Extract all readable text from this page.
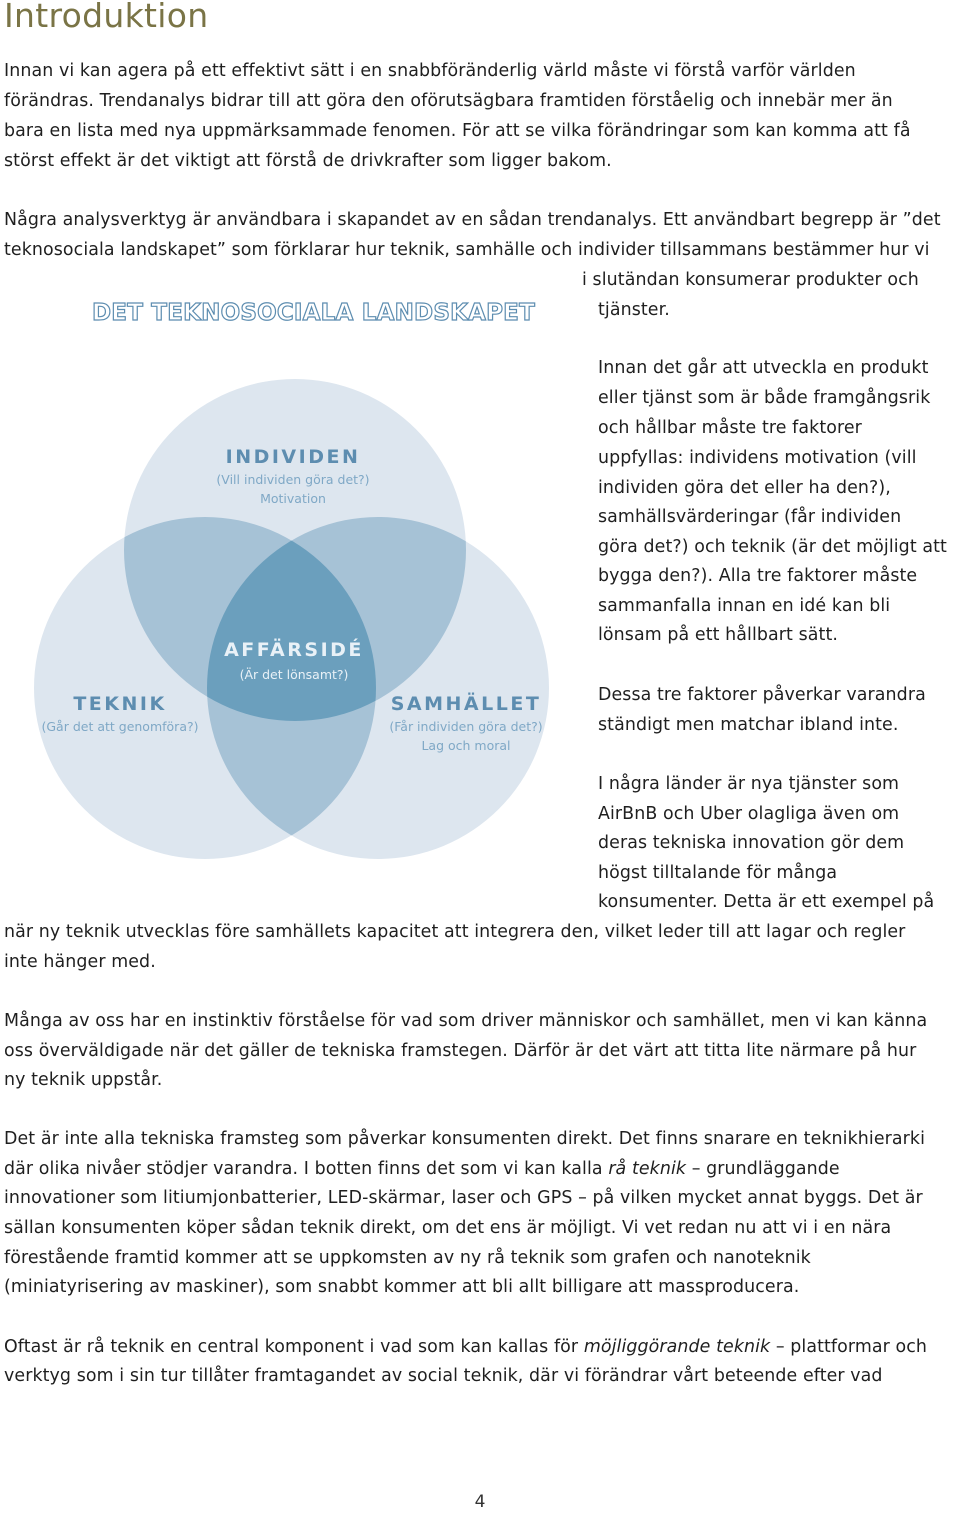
Introduktion
Innan vi kan agera på ett effektivt sätt i en snabbföränderlig värld måste vi förstå varför världen
förändras. Trendanalys bidrar till att göra den oförutsägbara framtiden förståelig och innebär mer än
bara en lista med nya uppmärksammade fenomen. För att se vilka förändringar som kan komma att få
störst effekt är det viktigt att förstå de drivkrafter som ligger bakom.
Några analysverktyg är användbara i skapandet av en sådan trendanalys. Ett användbart begrepp är ”det
teknosociala landskapet” som förklarar hur teknik, samhälle och individer tillsammans bestämmer hur vi
i slutändan konsumerar produkter och
tjänster.
DET TEKNOSOCIALA LANDSKAPET
INDIVIDEN
(Vill individen göra det?)
Motivation
AFFÄRSIDÉ
(Är det lönsamt?)
TEKNIK
(Går det att genomföra?)
SAMHÄLLET
(Får individen göra det?)
Lag och moral
Innan det går att utveckla en produkt
eller tjänst som är både framgångsrik
och hållbar måste tre faktorer
uppfyllas: individens motivation (vill
individen göra det eller ha den?),
samhällsvärderingar (får individen
göra det?) och teknik (är det möjligt att
bygga den?). Alla tre faktorer måste
sammanfalla innan en idé kan bli
lönsam på ett hållbart sätt.
Dessa tre faktorer påverkar varandra
ständigt men matchar ibland inte.
I några länder är nya tjänster som
AirBnB och Uber olagliga även om
deras tekniska innovation gör dem
högst tilltalande för många
konsumenter. Detta är ett exempel på
när ny teknik utvecklas före samhällets kapacitet att integrera den, vilket leder till att lagar och regler
inte hänger med.
Många av oss har en instinktiv förståelse för vad som driver människor och samhället, men vi kan känna
oss överväldigade när det gäller de tekniska framstegen. Därför är det värt att titta lite närmare på hur
ny teknik uppstår.
Det är inte alla tekniska framsteg som påverkar konsumenten direkt. Det finns snarare en teknikhierarki
där olika nivåer stödjer varandra. I botten finns det som vi kan kalla rå teknik – grundläggande
innovationer som litiumjonbatterier, LED-skärmar, laser och GPS – på vilken mycket annat byggs. Det är
sällan konsumenten köper sådan teknik direkt, om det ens är möjligt. Vi vet redan nu att vi i en nära
förestående framtid kommer att se uppkomsten av ny rå teknik som grafen och nanoteknik
(miniatyrisering av maskiner), som snabbt kommer att bli allt billigare att massproducera.
Oftast är rå teknik en central komponent i vad som kan kallas för möjliggörande teknik – plattformar och
verktyg som i sin tur tillåter framtagandet av social teknik, där vi förändrar vårt beteende efter vad
4
